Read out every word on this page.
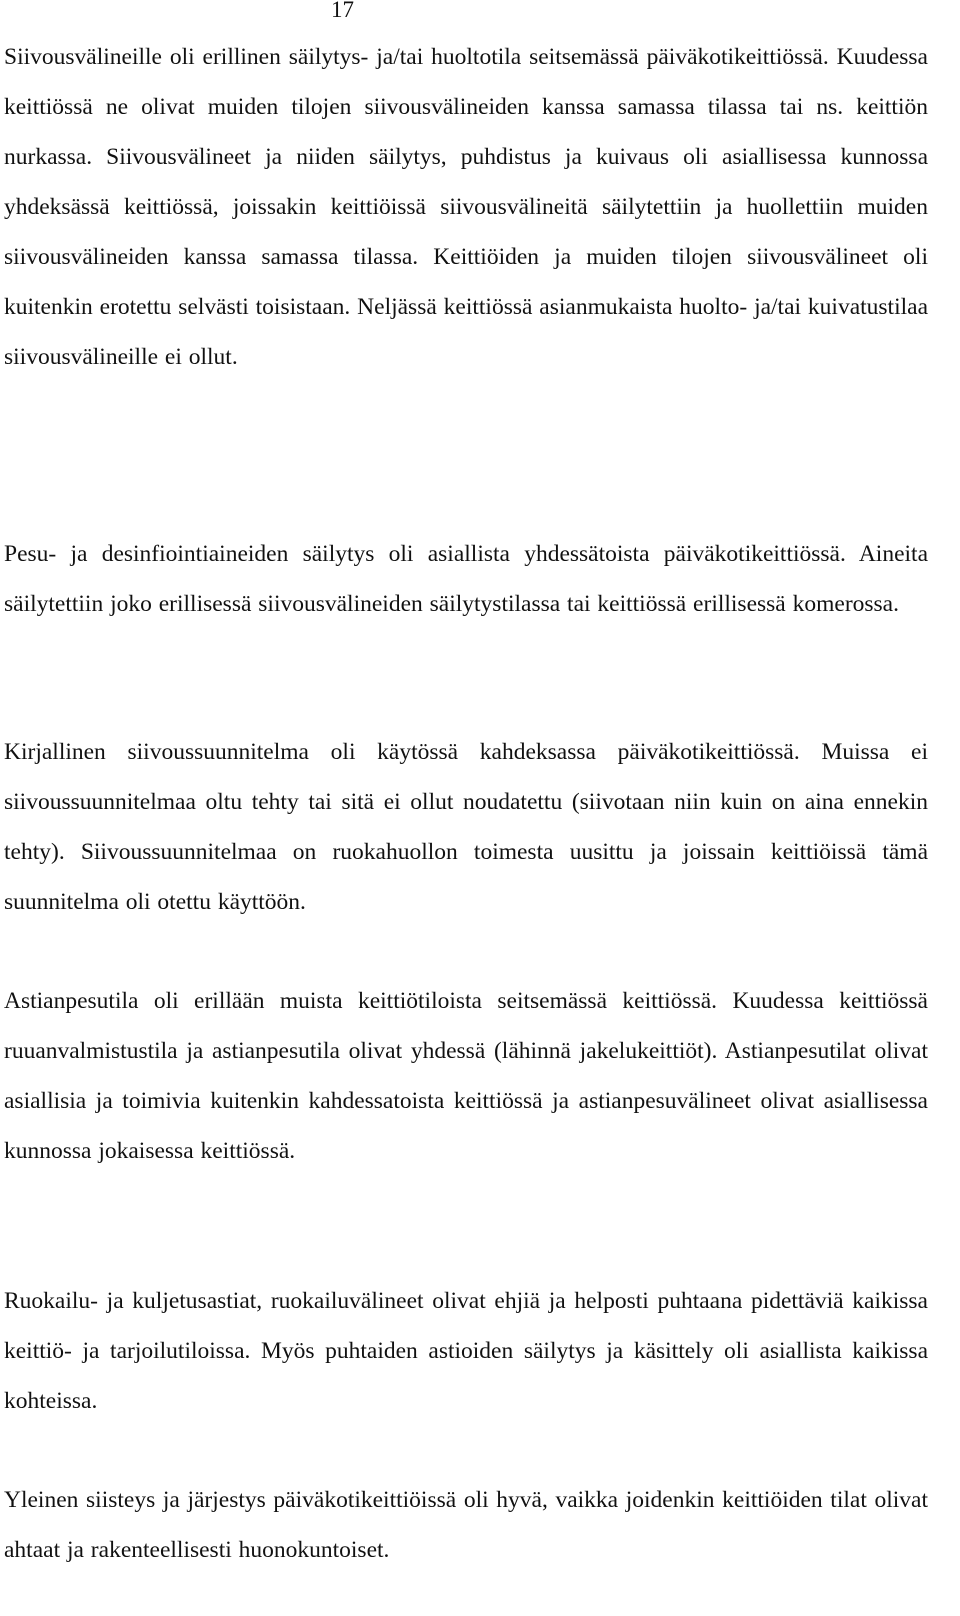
17

Siivousvälineille oli erillinen säilytys- ja/tai huoltotila seitsemässä päiväkotikeittiössä. Kuudessa keittiössä ne olivat muiden tilojen siivousvälineiden kanssa samassa tilassa tai ns. keittiön nurkassa. Siivousvälineet ja niiden säilytys, puhdistus ja kuivaus oli asiallisessa kunnossa yhdeksässä keittiössä, joissakin keittiöissä siivousvälineitä säilytettiin ja huollettiin muiden siivousvälineiden kanssa samassa tilassa. Keittiöiden ja muiden tilojen siivousvälineet oli kuitenkin erotettu selvästi toisistaan. Neljässä keittiössä asianmukaista huolto- ja/tai kuivatustilaa siivousvälineille ei ollut.

Pesu- ja desinfiointiaineiden säilytys oli asiallista yhdessätoista päiväkotikeittiössä. Aineita säilytettiin joko erillisessä siivousvälineiden säilytystilassa tai keittiössä erillisessä komerossa.

Kirjallinen siivoussuunnitelma oli käytössä kahdeksassa päiväkotikeittiössä. Muissa ei siivoussuunnitelmaa oltu tehty tai sitä ei ollut noudatettu (siivotaan niin kuin on aina ennekin tehty). Siivoussuunnitelmaa on ruokahuollon toimesta uusittu ja joissain keittiöissä tämä suunnitelma oli otettu käyttöön.

Astianpesutila oli erillään muista keittiötiloista seitsemässä keittiössä. Kuudessa keittiössä ruuanvalmistustila ja astianpesutila olivat yhdessä (lähinnä jakelukeittiöt). Astianpesutilat olivat asiallisia ja toimivia kuitenkin kahdessatoista keittiössä ja astianpesuvälineet olivat asiallisessa kunnossa jokaisessa keittiössä.

Ruokailu- ja kuljetusastiat, ruokailuvälineet olivat ehjiä ja helposti puhtaana pidettäviä kaikissa keittiö- ja tarjoilutiloissa. Myös puhtaiden astioiden säilytys ja käsittely oli asiallista kaikissa kohteissa.

Yleinen siisteys ja järjestys päiväkotikeittiöissä oli hyvä, vaikka joidenkin keittiöiden tilat olivat ahtaat ja rakenteellisesti huonokuntoiset.
